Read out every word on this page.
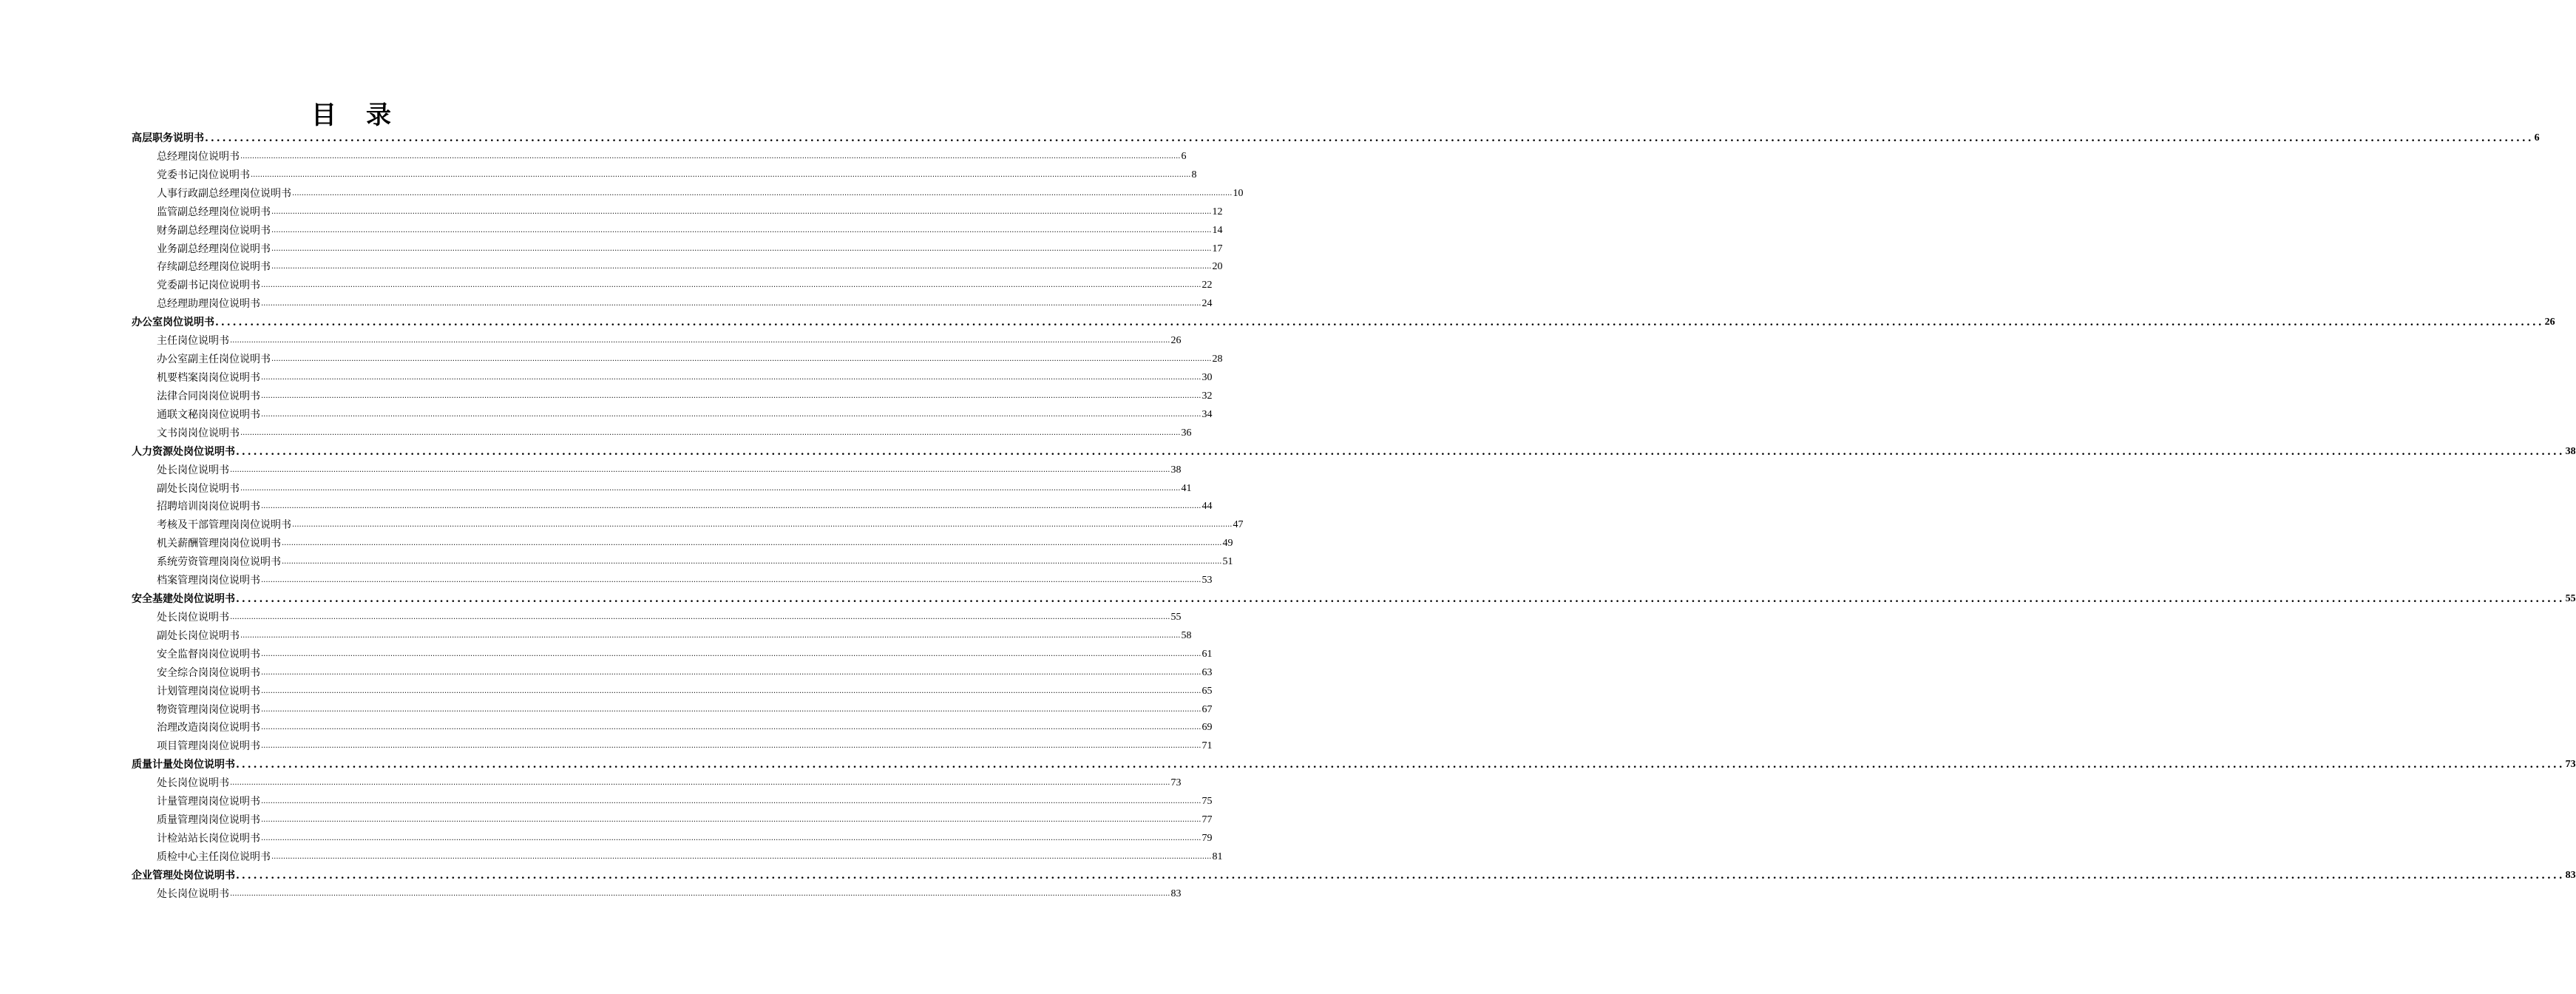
目 录
高层职务说明书 ................................................................................................................................................................................................................................................................................................................................................................................................................ 6
总经理岗位说明书 ................................................................................................................................................................................................................................................................................................................................................................................................................ 6
党委书记岗位说明书 ................................................................................................................................................................................................................................................................................................................................................................................................................ 8
人事行政副总经理岗位说明书 ................................................................................................................................................................................................................................................................................................................................................................................................................ 10
监管副总经理岗位说明书 ................................................................................................................................................................................................................................................................................................................................................................................................................ 12
财务副总经理岗位说明书 ................................................................................................................................................................................................................................................................................................................................................................................................................ 14
业务副总经理岗位说明书 ................................................................................................................................................................................................................................................................................................................................................................................................................ 17
存续副总经理岗位说明书 ................................................................................................................................................................................................................................................................................................................................................................................................................ 20
党委副书记岗位说明书 ................................................................................................................................................................................................................................................................................................................................................................................................................ 22
总经理助理岗位说明书 ................................................................................................................................................................................................................................................................................................................................................................................................................ 24
办公室岗位说明书 ................................................................................................................................................................................................................................................................................................................................................................................................................ 26
主任岗位说明书 ................................................................................................................................................................................................................................................................................................................................................................................................................ 26
办公室副主任岗位说明书 ................................................................................................................................................................................................................................................................................................................................................................................................................ 28
机要档案岗岗位说明书 ................................................................................................................................................................................................................................................................................................................................................................................................................ 30
法律合同岗岗位说明书 ................................................................................................................................................................................................................................................................................................................................................................................................................ 32
通联文秘岗岗位说明书 ................................................................................................................................................................................................................................................................................................................................................................................................................ 34
文书岗岗位说明书 ................................................................................................................................................................................................................................................................................................................................................................................................................ 36
人力资源处岗位说明书 ................................................................................................................................................................................................................................................................................................................................................................................................................ 38
处长岗位说明书 ................................................................................................................................................................................................................................................................................................................................................................................................................ 38
副处长岗位说明书 ................................................................................................................................................................................................................................................................................................................................................................................................................ 41
招聘培训岗岗位说明书 ................................................................................................................................................................................................................................................................................................................................................................................................................ 44
考核及干部管理岗岗位说明书 ................................................................................................................................................................................................................................................................................................................................................................................................................ 47
机关薪酬管理岗岗位说明书 ................................................................................................................................................................................................................................................................................................................................................................................................................ 49
系统劳资管理岗岗位说明书 ................................................................................................................................................................................................................................................................................................................................................................................................................ 51
档案管理岗岗位说明书 ................................................................................................................................................................................................................................................................................................................................................................................................................ 53
安全基建处岗位说明书 ................................................................................................................................................................................................................................................................................................................................................................................................................ 55
处长岗位说明书 ................................................................................................................................................................................................................................................................................................................................................................................................................ 55
副处长岗位说明书 ................................................................................................................................................................................................................................................................................................................................................................................................................ 58
安全监督岗岗位说明书 ................................................................................................................................................................................................................................................................................................................................................................................................................ 61
安全综合岗岗位说明书 ................................................................................................................................................................................................................................................................................................................................................................................................................ 63
计划管理岗岗位说明书 ................................................................................................................................................................................................................................................................................................................................................................................................................ 65
物资管理岗岗位说明书 ................................................................................................................................................................................................................................................................................................................................................................................................................ 67
治理改造岗岗位说明书 ................................................................................................................................................................................................................................................................................................................................................................................................................ 69
项目管理岗岗位说明书 ................................................................................................................................................................................................................................................................................................................................................................................................................ 71
质量计量处岗位说明书 ................................................................................................................................................................................................................................................................................................................................................................................................................ 73
处长岗位说明书 ................................................................................................................................................................................................................................................................................................................................................................................................................ 73
计量管理岗岗位说明书 ................................................................................................................................................................................................................................................................................................................................................................................................................ 75
质量管理岗岗位说明书 ................................................................................................................................................................................................................................................................................................................................................................................................................ 77
计检站站长岗位说明书 ................................................................................................................................................................................................................................................................................................................................................................................................................ 79
质检中心主任岗位说明书 ................................................................................................................................................................................................................................................................................................................................................................................................................ 81
企业管理处岗位说明书 ................................................................................................................................................................................................................................................................................................................................................................................................................ 83
处长岗位说明书 ................................................................................................................................................................................................................................................................................................................................................................................................................ 83
